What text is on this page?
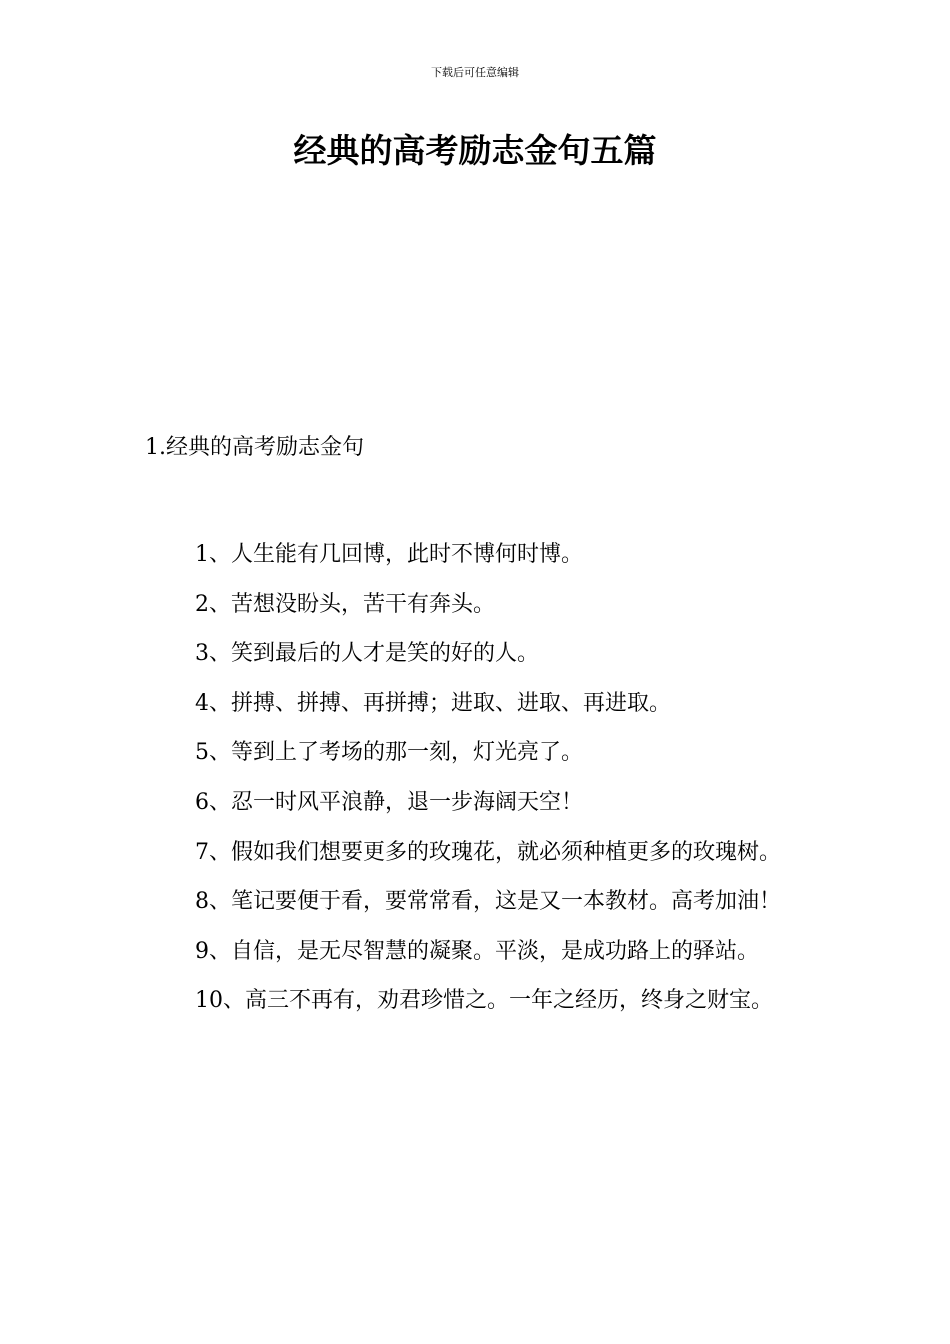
下载后可任意编辑
经典的高考励志金句五篇
1.经典的高考励志金句
1、人生能有几回博，此时不博何时博。
2、苦想没盼头，苦干有奔头。
3、笑到最后的人才是笑的好的人。
4、拼搏、拼搏、再拼搏；进取、进取、再进取。
5、等到上了考场的那一刻，灯光亮了。
6、忍一时风平浪静，退一步海阔天空！
7、假如我们想要更多的玫瑰花，就必须种植更多的玫瑰树。
8、笔记要便于看，要常常看，这是又一本教材。高考加油！
9、自信，是无尽智慧的凝聚。平淡，是成功路上的驿站。
10、高三不再有，劝君珍惜之。一年之经历，终身之财宝。
